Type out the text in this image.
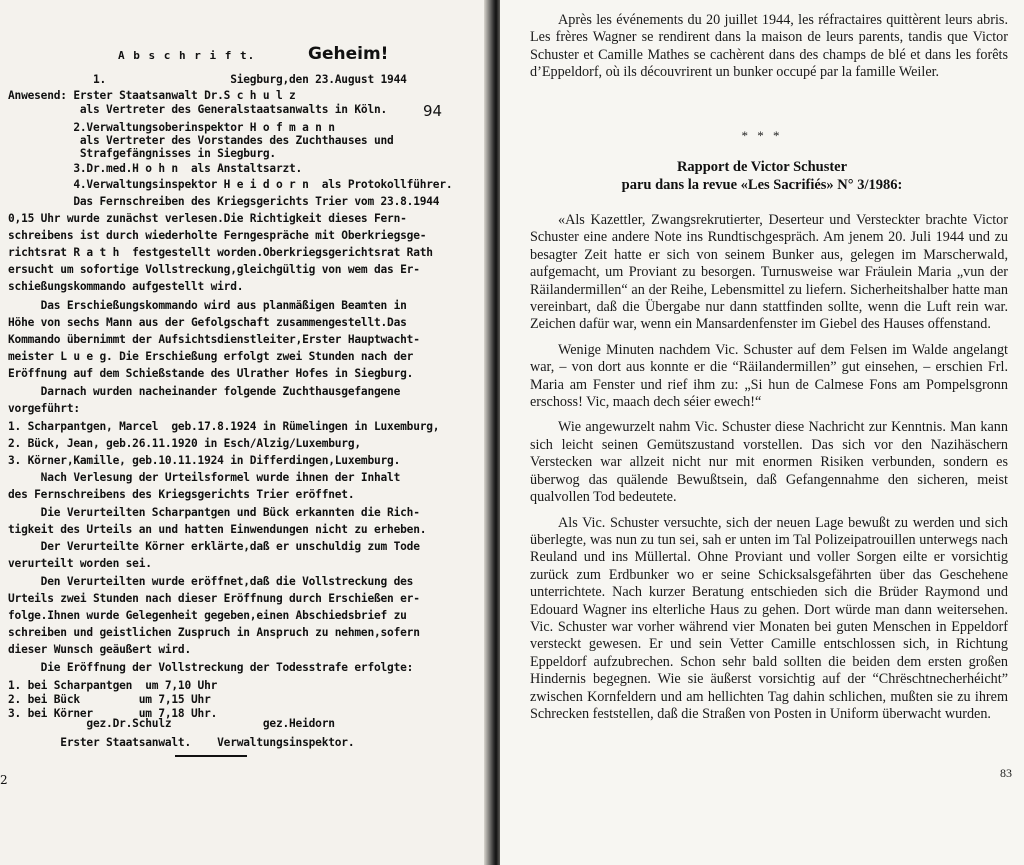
A b s c h r i f t.	Geheim!
94
1.                   Siegburg,den 23.August 1944
Anwesend: Erster Staatsanwalt Dr.S c h u l z
als Vertreter des Generalstaatsanwalts in Köln.
2.Verwaltungsoberinspektor H o f m a n n
als Vertreter des Vorstandes des Zuchthauses und
Strafgefängnisses in Siegburg.
3.Dr.med.H o h n  als Anstaltsarzt.
4.Verwaltungsinspektor H e i d o r n  als Protokollführer.
Das Fernschreiben des Kriegsgerichts Trier vom 23.8.1944
0,15 Uhr wurde zunächst verlesen.Die Richtigkeit dieses Fern-
schreibens ist durch wiederholte Ferngespräche mit Oberkriegsge-
richtsrat R a t h  festgestellt worden.Oberkriegsgerichtsrat Rath
ersucht um sofortige Vollstreckung,gleichgültig von wem das Er-
schießungskommando aufgestellt wird.
Das Erschießungskommando wird aus planmäßigen Beamten in
Höhe von sechs Mann aus der Gefolgschaft zusammengestellt.Das
Kommando übernimmt der Aufsichtsdienstleiter,Erster Hauptwacht-
meister L u e g. Die Erschießung erfolgt zwei Stunden nach der
Eröffnung auf dem Schießstande des Ulrather Hofes in Siegburg.
Darnach wurden nacheinander folgende Zuchthausgefangene
vorgeführt:
1. Scharpantgen, Marcel  geb.17.8.1924 in Rümelingen in Luxemburg,
2. Bück, Jean, geb.26.11.1920 in Esch/Alzig/Luxemburg,
3. Körner,Kamille, geb.10.11.1924 in Differdingen,Luxemburg.
Nach Verlesung der Urteilsformel wurde ihnen der Inhalt
des Fernschreibens des Kriegsgerichts Trier eröffnet.
Die Verurteilten Scharpantgen und Bück erkannten die Rich-
tigkeit des Urteils an und hatten Einwendungen nicht zu erheben.
Der Verurteilte Körner erklärte,daß er unschuldig zum Tode
verurteilt worden sei.
Den Verurteilten wurde eröffnet,daß die Vollstreckung des
Urteils zwei Stunden nach dieser Eröffnung durch Erschießen er-
folge.Ihnen wurde Gelegenheit gegeben,einen Abschiedsbrief zu
schreiben und geistlichen Zuspruch in Anspruch zu nehmen,sofern
dieser Wunsch geäußert wird.
Die Eröffnung der Vollstreckung der Todesstrafe erfolgte:
1. bei Scharpantgen  um 7,10 Uhr
2. bei Bück         um 7,15 Uhr
3. bei Körner       um 7,18 Uhr.
gez.Dr.Schulz              gez.Heidorn
Erster Staatsanwalt.    Verwaltungsinspektor.
2

Après les événements du 20 juillet 1944, les réfractaires quittèrent leurs abris. Les frères Wagner se rendirent dans la maison de leurs parents, tandis que Victor Schuster et Camille Mathes se cachèrent dans des champs de blé et dans les forêts d’Eppeldorf, où ils découvrirent un bunker occupé par la famille Weiler.

* * *
Rapport de Victor Schuster
paru dans la revue «Les Sacrifiés» N° 3/1986:

«Als Kazettler, Zwangsrekrutierter, Deserteur und Versteckter brachte Victor Schuster eine andere Note ins Rundtischgespräch. Am jenem 20. Juli 1944 und zu besagter Zeit hatte er sich von seinem Bunker aus, gelegen im Marscherwald, aufgemacht, um Proviant zu besorgen. Turnusweise war Fräulein Maria „vun der Räilandermillen“ an der Reihe, Lebensmittel zu liefern. Sicherheitshalber hatte man vereinbart, daß die Übergabe nur dann stattfinden sollte, wenn die Luft rein war. Zeichen dafür war, wenn ein Mansardenfenster im Giebel des Hauses offenstand.

Wenige Minuten nachdem Vic. Schuster auf dem Felsen im Walde angelangt war, – von dort aus konnte er die “Räilandermillen” gut einsehen, – erschien Frl. Maria am Fenster und rief ihm zu: „Si hun de Calmese Fons am Pompelsgronn erschoss! Vic, maach dech séier ewech!“

Wie angewurzelt nahm Vic. Schuster diese Nachricht zur Kenntnis. Man kann sich leicht seinen Gemütszustand vorstellen. Das sich vor den Nazihäschern Verstecken war allzeit nicht nur mit enormen Risiken verbunden, sondern es überwog das quälende Bewußtsein, daß Gefangennahme den sicheren, meist qualvollen Tod bedeutete.

Als Vic. Schuster versuchte, sich der neuen Lage bewußt zu werden und sich überlegte, was nun zu tun sei, sah er unten im Tal Polizeipatrouillen unterwegs nach Reuland und ins Müllertal. Ohne Proviant und voller Sorgen eilte er vorsichtig zurück zum Erdbunker wo er seine Schicksalsgefährten über das Geschehene unterrichtete. Nach kurzer Beratung entschieden sich die Brüder Raymond und Edouard Wagner ins elterliche Haus zu gehen. Dort würde man dann weitersehen. Vic. Schuster war vorher während vier Monaten bei guten Menschen in Eppeldorf versteckt gewesen. Er und sein Vetter Camille entschlossen sich, in Richtung Eppeldorf aufzubrechen. Schon sehr bald sollten die beiden dem ersten großen Hindernis begegnen. Wie sie äußerst vorsichtig auf der “Chrëschtnecherhéicht” zwischen Kornfeldern und am hellichten Tag dahin schlichen, mußten sie zu ihrem Schrecken feststellen, daß die Straßen von Posten in Uniform überwacht wurden.

83
